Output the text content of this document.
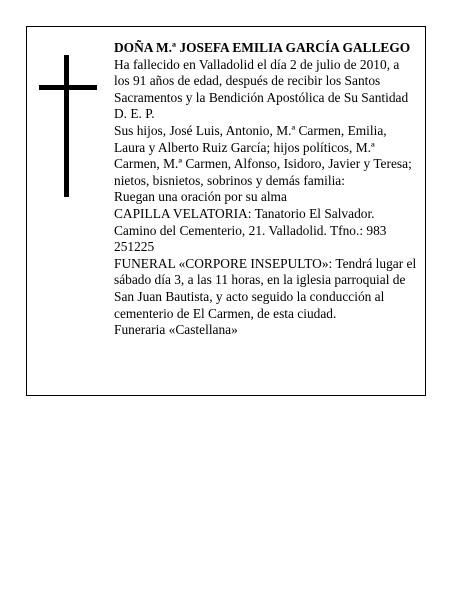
DOÑA M.ª JOSEFA EMILIA GARCÍA GALLEGO

Ha fallecido en Valladolid el día 2 de julio de 2010, a
los 91 años de edad, después de recibir los Santos
Sacramentos y la Bendición Apostólica de Su Santidad

D. E. P.

Sus hijos, José Luis, Antonio, M.ª Carmen, Emilia,
Laura y Alberto Ruiz García; hijos políticos, M.ª
Carmen, M.ª Carmen, Alfonso, Isidoro, Javier y Teresa;
nietos, bisnietos, sobrinos y demás familia:

Ruegan una oración por su alma

CAPILLA VELATORIA: Tanatorio El Salvador.
Camino del Cementerio, 21. Valladolid. Tfno.: 983
251225

FUNERAL «CORPORE INSEPULTO»: Tendrá lugar el
sábado día 3, a las 11 horas, en la iglesia parroquial de
San Juan Bautista, y acto seguido la conducción al
cementerio de El Carmen, de esta ciudad.

Funeraria «Castellana»
